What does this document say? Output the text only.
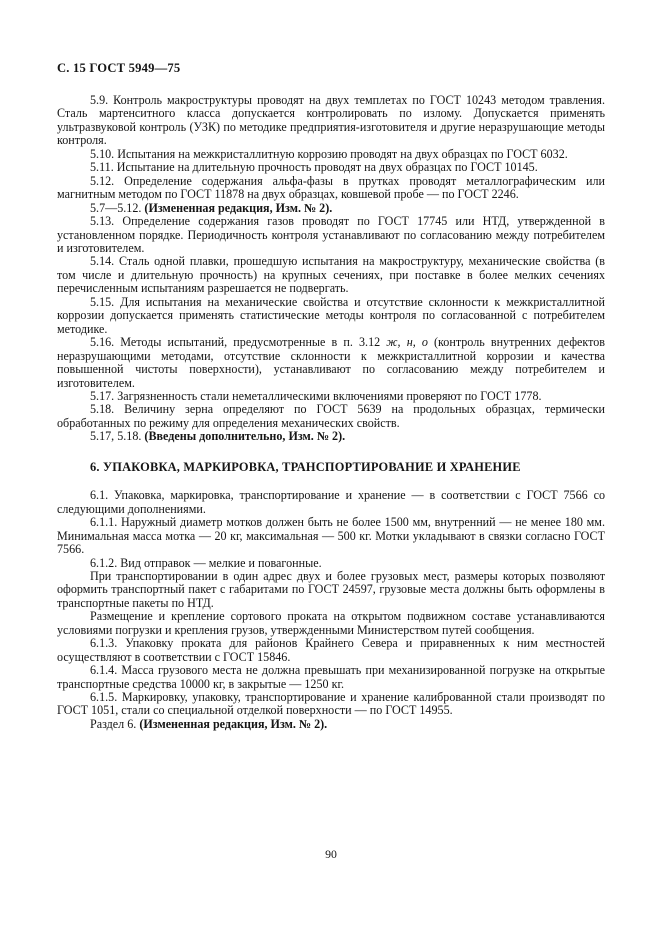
С. 15 ГОСТ 5949—75

5.9. Контроль макроструктуры проводят на двух темплетах по ГОСТ 10243 методом травления. Сталь мартенситного класса допускается контролировать по излому. Допускается применять ультразвуковой контроль (УЗК) по методике предприятия-изготовителя и другие неразрушающие методы контроля.

5.10. Испытания на межкристаллитную коррозию проводят на двух образцах по ГОСТ 6032.

5.11. Испытание на длительную прочность проводят на двух образцах по ГОСТ 10145.

5.12. Определение содержания альфа-фазы в прутках проводят металлографическим или магнитным методом по ГОСТ 11878 на двух образцах, ковшевой пробе — по ГОСТ 2246.

5.7—5.12. (Измененная редакция, Изм. № 2).

5.13. Определение содержания газов проводят по ГОСТ 17745 или НТД, утвержденной в установленном порядке. Периодичность контроля устанавливают по согласованию между потребителем и изготовителем.

5.14. Сталь одной плавки, прошедшую испытания на макроструктуру, механические свойства (в том числе и длительную прочность) на крупных сечениях, при поставке в более мелких сечениях перечисленным испытаниям разрешается не подвергать.

5.15. Для испытания на механические свойства и отсутствие склонности к межкристаллитной коррозии допускается применять статистические методы контроля по согласованной с потребителем методике.

5.16. Методы испытаний, предусмотренные в п. 3.12 ж, н, о (контроль внутренних дефектов неразрушающими методами, отсутствие склонности к межкристаллитной коррозии и качества повышенной чистоты поверхности), устанавливают по согласованию между потребителем и изготовителем.

5.17. Загрязненность стали неметаллическими включениями проверяют по ГОСТ 1778.

5.18. Величину зерна определяют по ГОСТ 5639 на продольных образцах, термически обработанных по режиму для определения механических свойств.

5.17, 5.18. (Введены дополнительно, Изм. № 2).

6. УПАКОВКА, МАРКИРОВКА, ТРАНСПОРТИРОВАНИЕ И ХРАНЕНИЕ

6.1. Упаковка, маркировка, транспортирование и хранение — в соответствии с ГОСТ 7566 со следующими дополнениями.

6.1.1. Наружный диаметр мотков должен быть не более 1500 мм, внутренний — не менее 180 мм. Минимальная масса мотка — 20 кг, максимальная — 500 кг. Мотки укладывают в связки согласно ГОСТ 7566.

6.1.2. Вид отправок — мелкие и повагонные.

При транспортировании в один адрес двух и более грузовых мест, размеры которых позволяют оформить транспортный пакет с габаритами по ГОСТ 24597, грузовые места должны быть оформлены в транспортные пакеты по НТД.

Размещение и крепление сортового проката на открытом подвижном составе устанавливаются условиями погрузки и крепления грузов, утвержденными Министерством путей сообщения.

6.1.3. Упаковку проката для районов Крайнего Севера и приравненных к ним местностей осуществляют в соответствии с ГОСТ 15846.

6.1.4. Масса грузового места не должна превышать при механизированной погрузке на открытые транспортные средства 10000 кг, в закрытые — 1250 кг.

6.1.5. Маркировку, упаковку, транспортирование и хранение калиброванной стали производят по ГОСТ 1051, стали со специальной отделкой поверхности — по ГОСТ 14955.

Раздел 6. (Измененная редакция, Изм. № 2).

90
